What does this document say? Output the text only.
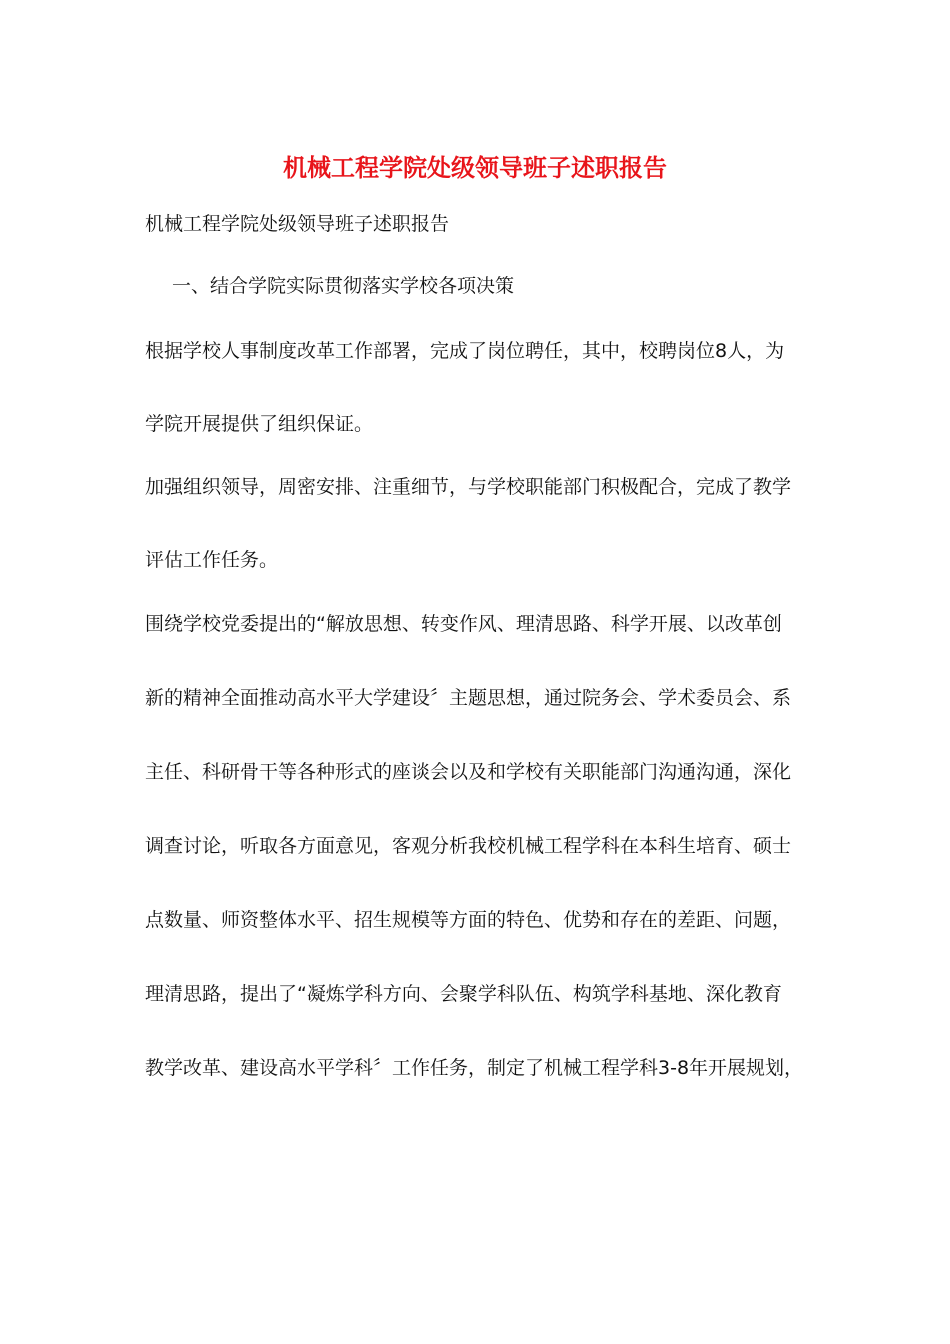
机械工程学院处级领导班子述职报告
机械工程学院处级领导班子述职报告
一、结合学院实际贯彻落实学校各项决策
根据学校人事制度改革工作部署，完成了岗位聘任，其中，校聘岗位8人，为
学院开展提供了组织保证。
加强组织领导，周密安排、注重细节，与学校职能部门积极配合，完成了教学
评估工作任务。
围绕学校党委提出的“解放思想、转变作风、理清思路、科学开展、以改革创
新的精神全面推动高水平大学建设〞主题思想，通过院务会、学术委员会、系
主任、科研骨干等各种形式的座谈会以及和学校有关职能部门沟通沟通，深化
调查讨论，听取各方面意见，客观分析我校机械工程学科在本科生培育、硕士
点数量、师资整体水平、招生规模等方面的特色、优势和存在的差距、问题，
理清思路，提出了“凝炼学科方向、会聚学科队伍、构筑学科基地、深化教育
教学改革、建设高水平学科〞工作任务，制定了机械工程学科3-8年开展规划，
